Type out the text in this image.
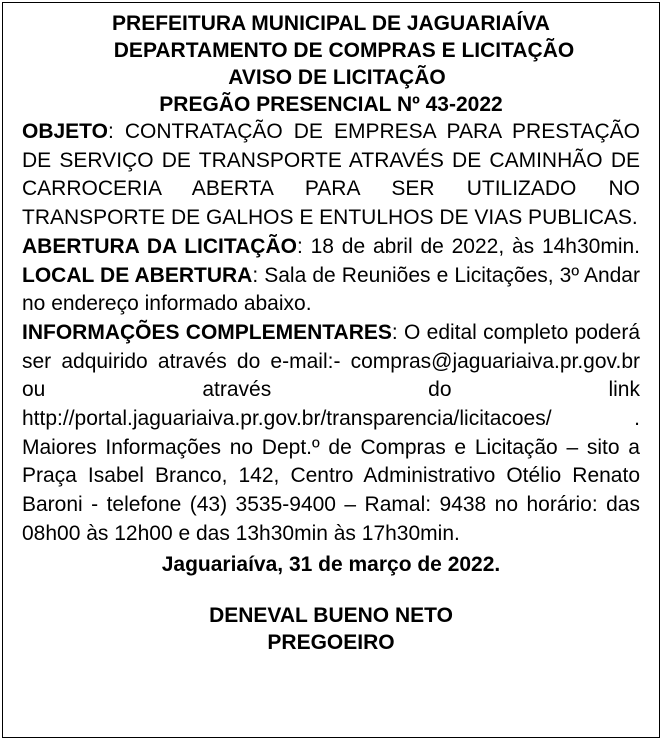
PREFEITURA MUNICIPAL DE JAGUARIAÍVA
DEPARTAMENTO DE COMPRAS E LICITAÇÃO
AVISO DE LICITAÇÃO
PREGÃO PRESENCIAL Nº 43-2022

OBJETO: CONTRATAÇÃO DE EMPRESA PARA PRESTAÇÃO DE SERVIÇO DE TRANSPORTE ATRAVÉS DE CAMINHÃO DE CARROCERIA ABERTA PARA SER UTILIZADO NO TRANSPORTE DE GALHOS E ENTULHOS DE VIAS PUBLICAS.

ABERTURA DA LICITAÇÃO: 18 de abril de 2022, às 14h30min. LOCAL DE ABERTURA: Sala de Reuniões e Licitações, 3º Andar no endereço informado abaixo.

INFORMAÇÕES COMPLEMENTARES: O edital completo poderá ser adquirido através do e-mail:- compras@jaguariaiva.pr.gov.br ou através do link http://portal.jaguariaiva.pr.gov.br/transparencia/licitacoes/ . Maiores Informações no Dept.º de Compras e Licitação – sito a Praça Isabel Branco, 142, Centro Administrativo Otélio Renato Baroni - telefone (43) 3535-9400 – Ramal: 9438 no horário: das 08h00 às 12h00 e das 13h30min às 17h30min.

Jaguariaíva, 31 de março de 2022.
DENEVAL BUENO NETO
PREGOEIRO
